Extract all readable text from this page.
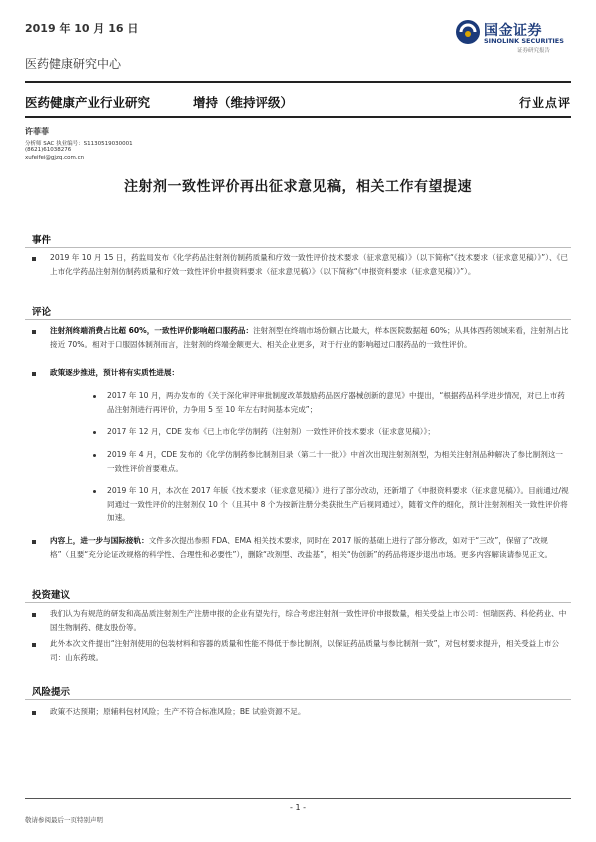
2019 年 10 月 16 日
医药健康研究中心
国金证券
SINOLINK SECURITIES
证券研究报告
医药健康产业行业研究	增持（维持评级）	行业点评
许菲菲
分析师 SAC 执业编号：S1130519030001
(8621)61038276
xufeifei@gjzq.com.cn
注射剂一致性评价再出征求意见稿，相关工作有望提速
事件
2019 年 10 月 15 日，药监局发布《化学药品注射剂仿制药质量和疗效一致性评价技术要求（征求意见稿）》（以下简称“《技术要求（征求意见稿）》”）、《已上市化学药品注射剂仿制药质量和疗效一致性评价申报资料要求（征求意见稿）》（以下简称“《申报资料要求（征求意见稿）》”）。
评论
注射剂终端消费占比超 60%，一致性评价影响超口服药品：注射剂型在终端市场份额占比最大，样本医院数据超 60%；从具体西药领域来看，注射剂占比接近 70%。相对于口服固体制剂而言，注射剂的终端金额更大、相关企业更多，对于行业的影响超过口服药品的一致性评价。
政策逐步推进，预计将有实质性进展：
2017 年 10 月，两办发布的《关于深化审评审批制度改革鼓励药品医疗器械创新的意见》中提出，“根据药品科学进步情况，对已上市药品注射剂进行再评价，力争用 5 至 10 年左右时间基本完成”；
2017 年 12 月，CDE 发布《已上市化学仿制药（注射剂）一致性评价技术要求（征求意见稿）》；
2019 年 4 月，CDE 发布的《化学仿制药参比制剂目录（第二十一批）》中首次出现注射剂剂型，为相关注射剂品种解决了参比制剂这一一致性评价首要难点。
2019 年 10 月，本次在 2017 年版《技术要求（征求意见稿）》进行了部分改动，还新增了《申报资料要求（征求意见稿）》。目前通过/视同通过一致性评价的注射剂仅 10 个（且其中 8 个为按新注册分类获批生产后视同通过），随着文件的细化，预计注射剂相关一致性评价将加速。
内容上，进一步与国际接轨：文件多次提出参照 FDA、EMA 相关技术要求，同时在 2017 版的基础上进行了部分修改，如对于“三改”，保留了“改规格”（且要“充分论证改规格的科学性、合理性和必要性”），删除“改剂型、改盐基”，相关“伪创新”的药品将逐步退出市场。更多内容解读请参见正文。
投资建议
我们认为有规范的研发和高品质注射剂生产注册申报的企业有望先行，综合考虑注射剂一致性评价申报数量，相关受益上市公司：恒瑞医药、科伦药业、中国生物制药、健友股份等。
此外本次文件提出“注射剂使用的包装材料和容器的质量和性能不得低于参比制剂，以保证药品质量与参比制剂一致”，对包材要求提升，相关受益上市公司：山东药玻。
风险提示
政策不达预期；原辅料包材风险；生产不符合标准风险；BE 试验资源不足。
- 1 -
敬请参阅最后一页特别声明
